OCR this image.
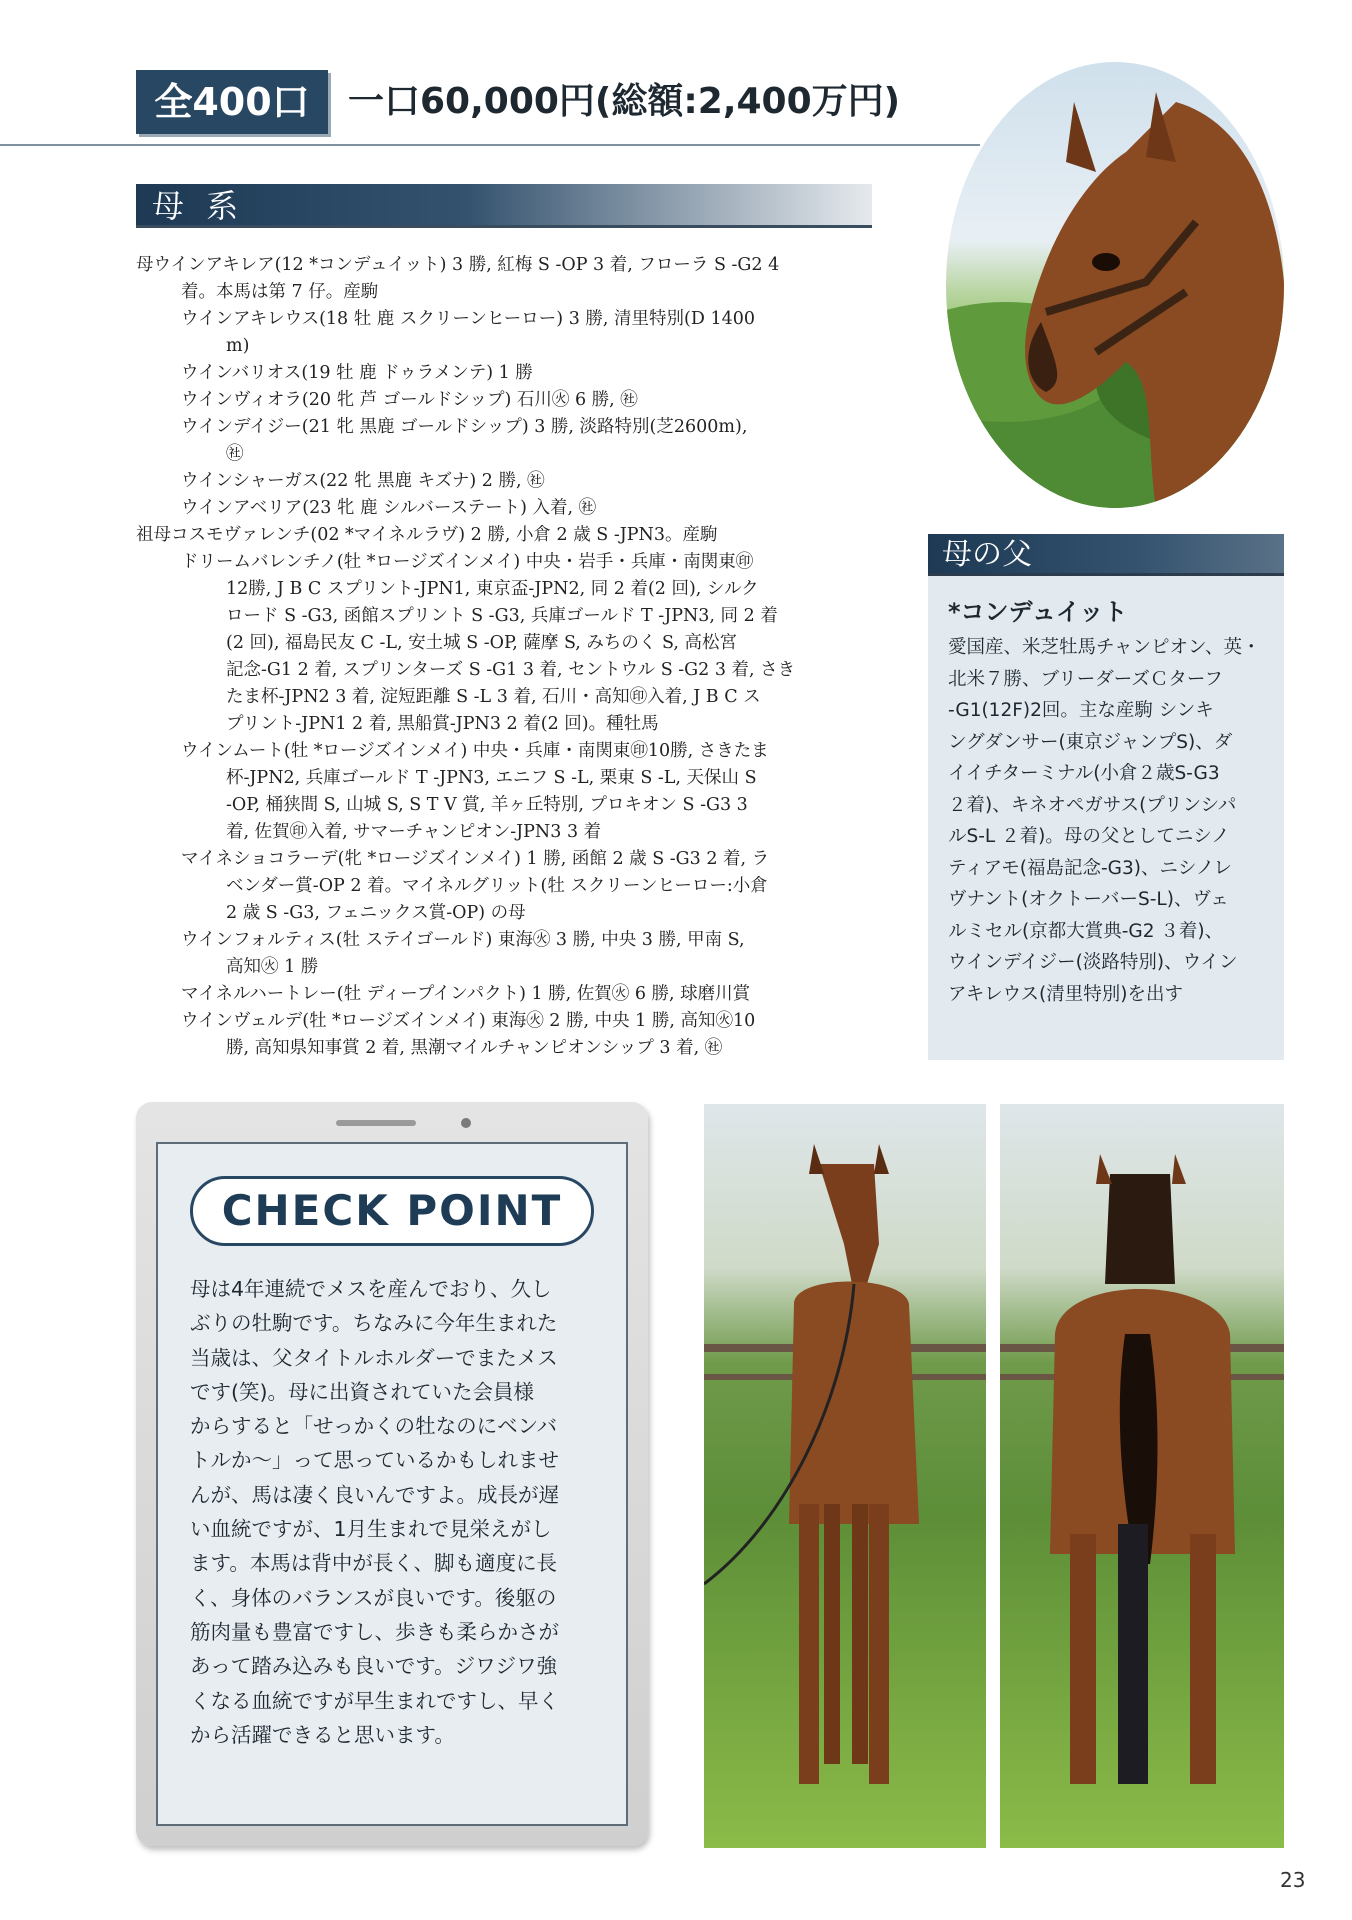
全400口	一口60,000円(総額:2,400万円)
母 系
母ウインアキレア(12 *コンデュイット) 3 勝, 紅梅 S -OP 3 着, フローラ S -G2 4
着。本馬は第 7 仔。産駒
ウインアキレウス(18 牡 鹿 スクリーンヒーロー) 3 勝, 清里特別(D 1400
m)
ウインバリオス(19 牡 鹿 ドゥラメンテ) 1 勝
ウインヴィオラ(20 牝 芦 ゴールドシップ) 石川㊋ 6 勝, ㊓
ウインデイジー(21 牝 黒鹿 ゴールドシップ) 3 勝, 淡路特別(芝2600m),
㊓
ウインシャーガス(22 牝 黒鹿 キズナ) 2 勝, ㊓
ウインアベリア(23 牝 鹿 シルバーステート) 入着, ㊓
祖母コスモヴァレンチ(02 *マイネルラヴ) 2 勝, 小倉 2 歳 S -JPN3。産駒
ドリームバレンチノ(牡 *ロージズインメイ) 中央・岩手・兵庫・南関東㊞
12勝, J B C スプリント-JPN1, 東京盃-JPN2, 同 2 着(2 回), シルク
ロード S -G3, 函館スプリント S -G3, 兵庫ゴールド T -JPN3, 同 2 着
(2 回), 福島民友 C -L, 安土城 S -OP, 薩摩 S, みちのく S, 高松宮
記念-G1 2 着, スプリンターズ S -G1 3 着, セントウル S -G2 3 着, さき
たま杯-JPN2 3 着, 淀短距離 S -L 3 着, 石川・高知㊞入着, J B C ス
プリント-JPN1 2 着, 黒船賞-JPN3 2 着(2 回)。種牡馬
ウインムート(牡 *ロージズインメイ) 中央・兵庫・南関東㊞10勝, さきたま
杯-JPN2, 兵庫ゴールド T -JPN3, エニフ S -L, 栗東 S -L, 天保山 S
-OP, 桶狭間 S, 山城 S, S T V 賞, 羊ヶ丘特別, プロキオン S -G3 3
着, 佐賀㊞入着, サマーチャンピオン-JPN3 3 着
マイネショコラーデ(牝 *ロージズインメイ) 1 勝, 函館 2 歳 S -G3 2 着, ラ
ベンダー賞-OP 2 着。マイネルグリット(牡 スクリーンヒーロー:小倉
2 歳 S -G3, フェニックス賞-OP) の母
ウインフォルティス(牡 ステイゴールド) 東海㊋ 3 勝, 中央 3 勝, 甲南 S,
高知㊋ 1 勝
マイネルハートレー(牡 ディープインパクト) 1 勝, 佐賀㊋ 6 勝, 球磨川賞
ウインヴェルデ(牡 *ロージズインメイ) 東海㊋ 2 勝, 中央 1 勝, 高知㊋10
勝, 高知県知事賞 2 着, 黒潮マイルチャンピオンシップ 3 着, ㊓
母の父
*コンデュイット
愛国産、米芝牡馬チャンピオン、英・
北米７勝、ブリーダーズＣターフ
-G1(12F)2回。主な産駒 シンキ
ングダンサー(東京ジャンプS)、ダ
イイチターミナル(小倉２歳S-G3
２着)、キネオペガサス(プリンシパ
ルS-L ２着)。母の父としてニシノ
ティアモ(福島記念-G3)、ニシノレ
ヴナント(オクトーバーS-L)、ヴェ
ルミセル(京都大賞典-G2 ３着)、
ウインデイジー(淡路特別)、ウイン
アキレウス(清里特別)を出す
CHECK POINT
母は4年連続でメスを産んでおり、久し
ぶりの牡駒です。ちなみに今年生まれた
当歳は、父タイトルホルダーでまたメス
です(笑)。母に出資されていた会員様
からすると「せっかくの牡なのにベンバ
トルか～」って思っているかもしれませ
んが、馬は凄く良いんですよ。成長が遅
い血統ですが、1月生まれで見栄えがし
ます。本馬は背中が長く、脚も適度に長
く、身体のバランスが良いです。後躯の
筋肉量も豊富ですし、歩きも柔らかさが
あって踏み込みも良いです。ジワジワ強
くなる血統ですが早生まれですし、早く
から活躍できると思います。
23
